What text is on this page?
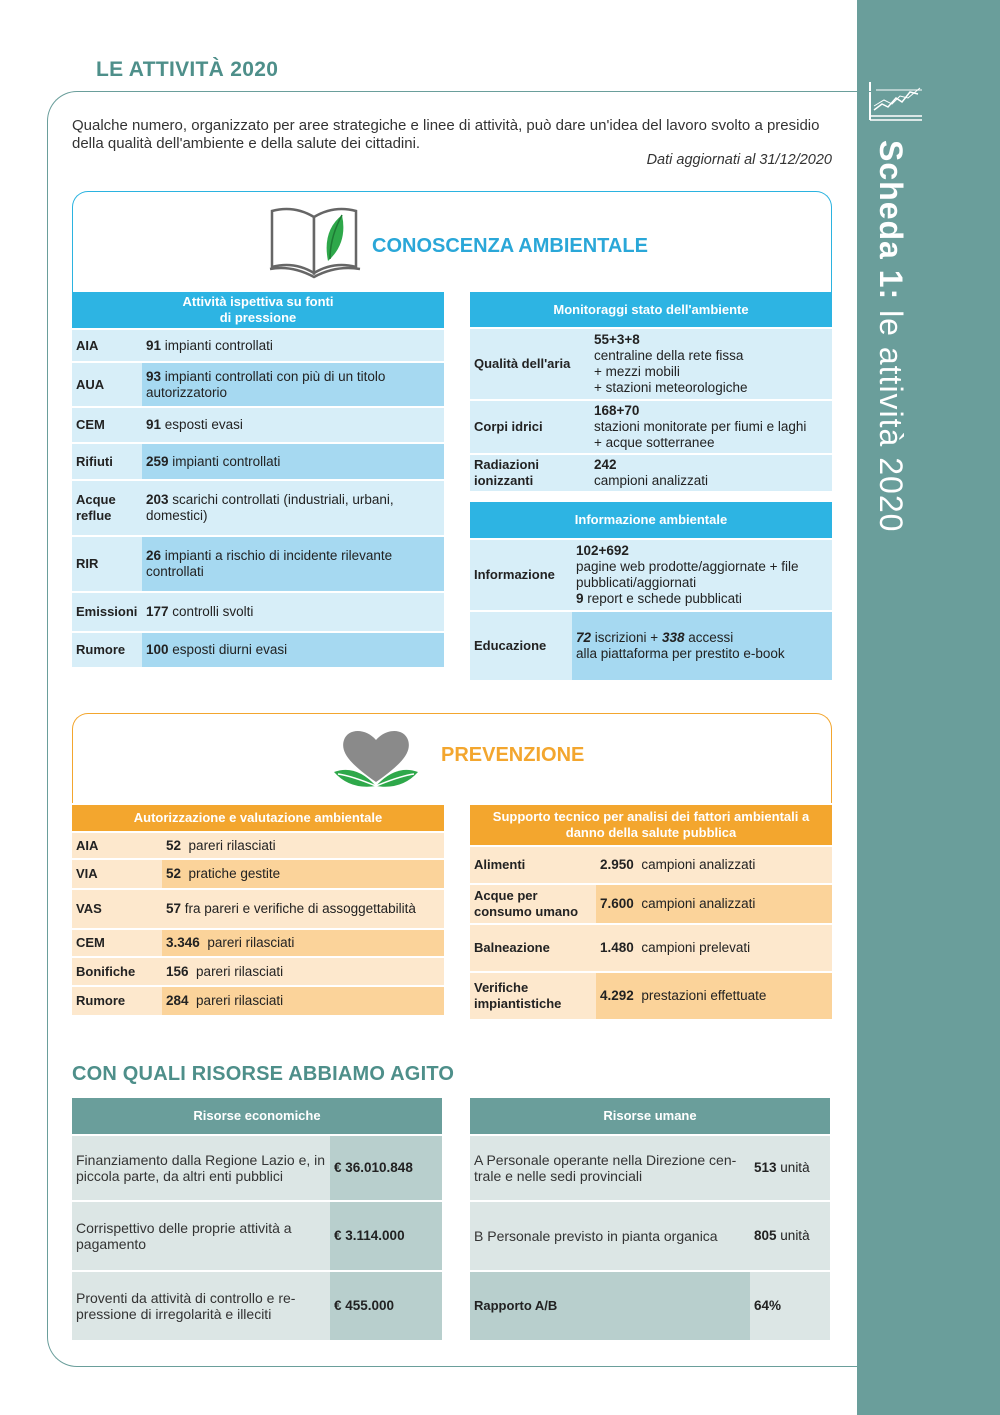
Scheda 1: le attività 2020
LE ATTIVITÀ 2020
Qualche numero, organizzato per aree strategiche e linee di attività, può dare un'idea del lavoro svolto a presidio della qualità dell'ambiente e della salute dei cittadini.
Dati aggiornati al 31/12/2020
CONOSCENZA AMBIENTALE
Attività ispettiva su fonti
di pressione	
AIA	91 impianti controllati
AUA	93 impianti controllati con più di un titolo autorizzatorio
CEM	91 esposti evasi
Rifiuti	259 impianti controllati
Acque reflue	203 scarichi controllati (industriali, urbani, domestici)
RIR	26 impianti a rischio di incidente rilevante controllati
Emissioni	177 controlli svolti
Rumore	100 esposti diurni evasi
Monitoraggi stato dell'ambiente	
Qualità dell'aria	55+3+8
centraline della rete fissa
+ mezzi mobili
+ stazioni meteorologiche
Corpi idrici	168+70
stazioni monitorate per fiumi e laghi
+ acque sotterranee
Radiazioni ionizzanti	242
campioni analizzati
Informazione ambientale	
Informazione	102+692
pagine web prodotte/aggiornate + file pubblicati/aggiornati
9 report e schede pubblicati
Educazione	72 iscrizioni + 338 accessi
alla piattaforma per prestito e-book
PREVENZIONE
Autorizzazione e valutazione ambientale	
AIA	52 pareri rilasciati
VIA	52 pratiche gestite
VAS	57 fra pareri e verifiche di assoggettabilità
CEM	3.346 pareri rilasciati
Bonifiche	156 pareri rilasciati
Rumore	284 pareri rilasciati
Supporto tecnico per analisi dei fattori ambientali a danno della salute pubblica	
Alimenti	2.950 campioni analizzati
Acque per consumo umano	7.600 campioni analizzati
Balneazione	1.480 campioni prelevati
Verifiche impiantistiche	4.292 prestazioni effettuate
CON QUALI RISORSE ABBIAMO AGITO
Risorse economiche	
Finanziamento dalla Regione Lazio e, in piccola parte, da altri enti pubblici	€ 36.010.848
Corrispettivo delle proprie attività a pagamento	€ 3.114.000
Proventi da attività di controllo e re-pressione di irregolarità e illeciti	€ 455.000
Risorse umane	
A Personale operante nella Direzione cen-trale e nelle sedi provinciali	513 unità
B Personale previsto in pianta organica	805 unità
Rapporto A/B	64%
